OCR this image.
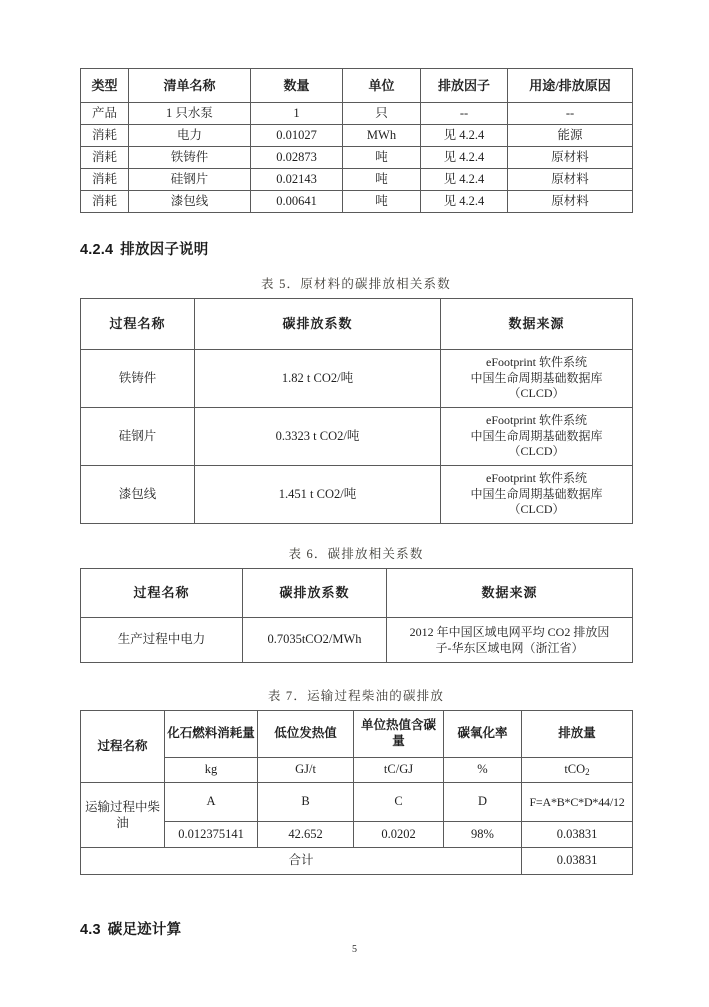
类型	清单名称	数量	单位	排放因子	用途/排放原因
产品	1 只水泵	1	只	--	--
消耗	电力	0.01027	MWh	见 4.2.4	能源
消耗	铁铸件	0.02873	吨	见 4.2.4	原材料
消耗	硅钢片	0.02143	吨	见 4.2.4	原材料
消耗	漆包线	0.00641	吨	见 4.2.4	原材料
4.2.4 排放因子说明
表 5．原材料的碳排放相关系数
过程名称	碳排放系数	数据来源
铁铸件	1.82 t CO2/吨	eFootprint 软件系统
中国生命周期基础数据库
（CLCD）

硅钢片	0.3323 t CO2/吨	eFootprint 软件系统
中国生命周期基础数据库
（CLCD）

漆包线	1.451 t CO2/吨	eFootprint 软件系统
中国生命周期基础数据库
（CLCD）
表 6．碳排放相关系数
过程名称	碳排放系数	数据来源
生产过程中电力	0.7035tCO2/MWh	2012 年中国区域电网平均 CO2 排放因
子-华东区域电网（浙江省）
表 7．运输过程柴油的碳排放
过程名称	化石燃料消耗量	低位发热值	单位热值含碳量	碳氧化率	排放量
	kg	GJ/t	tC/GJ	%	tCO$_2$
运输过程中柴油	A	B	C	D	F=A*B*C*D*44/12
	0.012375141	42.652	0.0202	98%	0.03831
合计					0.03831
4.3 碳足迹计算
5
